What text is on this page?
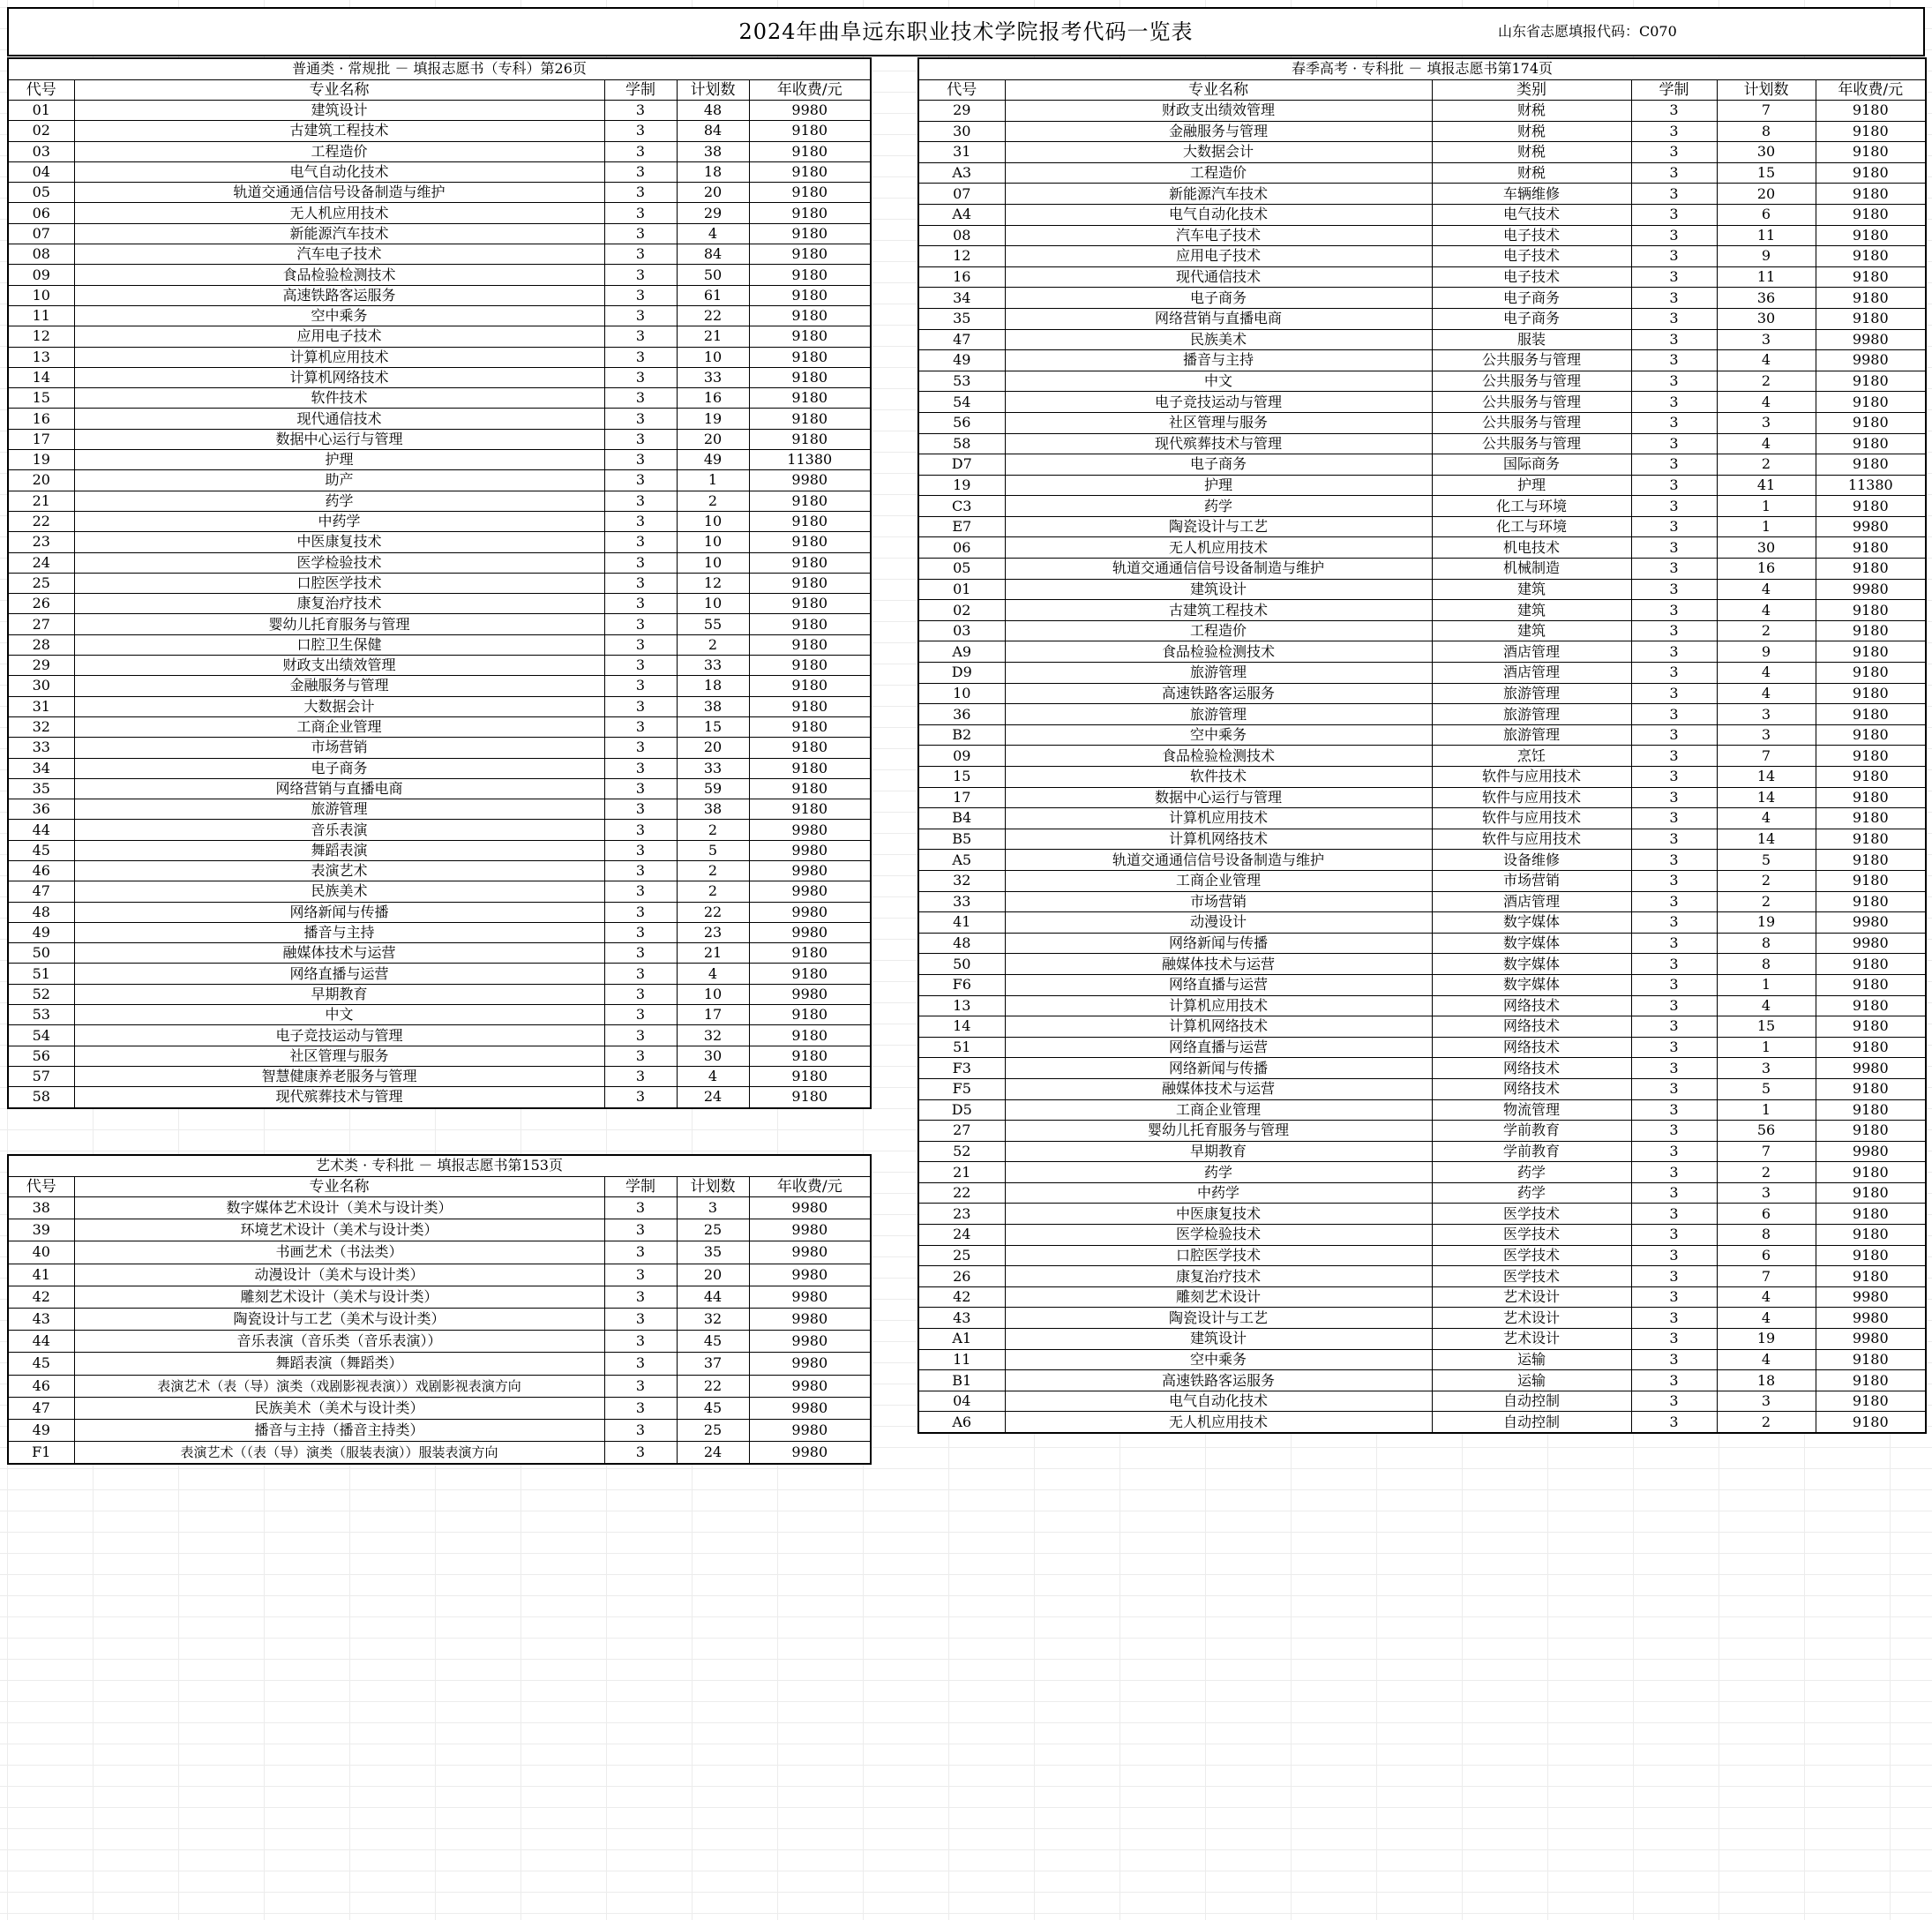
2024年曲阜远东职业技术学院报考代码一览表	山东省志愿填报代码：C070
普通类 · 常规批 － 填报志愿书（专科）第26页				
代号	专业名称	学制	计划数	年收费/元
01	建筑设计	3	48	9980
02	古建筑工程技术	3	84	9180
03	工程造价	3	38	9180
04	电气自动化技术	3	18	9180
05	轨道交通通信信号设备制造与维护	3	20	9180
06	无人机应用技术	3	29	9180
07	新能源汽车技术	3	4	9180
08	汽车电子技术	3	84	9180
09	食品检验检测技术	3	50	9180
10	高速铁路客运服务	3	61	9180
11	空中乘务	3	22	9180
12	应用电子技术	3	21	9180
13	计算机应用技术	3	10	9180
14	计算机网络技术	3	33	9180
15	软件技术	3	16	9180
16	现代通信技术	3	19	9180
17	数据中心运行与管理	3	20	9180
19	护理	3	49	11380
20	助产	3	1	9980
21	药学	3	2	9180
22	中药学	3	10	9180
23	中医康复技术	3	10	9180
24	医学检验技术	3	10	9180
25	口腔医学技术	3	12	9180
26	康复治疗技术	3	10	9180
27	婴幼儿托育服务与管理	3	55	9180
28	口腔卫生保健	3	2	9180
29	财政支出绩效管理	3	33	9180
30	金融服务与管理	3	18	9180
31	大数据会计	3	38	9180
32	工商企业管理	3	15	9180
33	市场营销	3	20	9180
34	电子商务	3	33	9180
35	网络营销与直播电商	3	59	9180
36	旅游管理	3	38	9180
44	音乐表演	3	2	9980
45	舞蹈表演	3	5	9980
46	表演艺术	3	2	9980
47	民族美术	3	2	9980
48	网络新闻与传播	3	22	9980
49	播音与主持	3	23	9980
50	融媒体技术与运营	3	21	9180
51	网络直播与运营	3	4	9180
52	早期教育	3	10	9980
53	中文	3	17	9180
54	电子竞技运动与管理	3	32	9180
56	社区管理与服务	3	30	9180
57	智慧健康养老服务与管理	3	4	9180
58	现代殡葬技术与管理	3	24	9180
艺术类 · 专科批 － 填报志愿书第153页				
代号	专业名称	学制	计划数	年收费/元
38	数字媒体艺术设计（美术与设计类）	3	3	9980
39	环境艺术设计（美术与设计类）	3	25	9980
40	书画艺术（书法类）	3	35	9980
41	动漫设计（美术与设计类）	3	20	9980
42	雕刻艺术设计（美术与设计类）	3	44	9980
43	陶瓷设计与工艺（美术与设计类）	3	32	9980
44	音乐表演（音乐类（音乐表演））	3	45	9980
45	舞蹈表演（舞蹈类）	3	37	9980
46	表演艺术（表（导）演类（戏剧影视表演））戏剧影视表演方向	3	22	9980
47	民族美术（美术与设计类）	3	45	9980
49	播音与主持（播音主持类）	3	25	9980
F1	表演艺术（（表（导）演类（服装表演））服装表演方向	3	24	9980
春季高考 · 专科批 － 填报志愿书第174页					
代号	专业名称	类别	学制	计划数	年收费/元
29	财政支出绩效管理	财税	3	7	9180
30	金融服务与管理	财税	3	8	9180
31	大数据会计	财税	3	30	9180
A3	工程造价	财税	3	15	9180
07	新能源汽车技术	车辆维修	3	20	9180
A4	电气自动化技术	电气技术	3	6	9180
08	汽车电子技术	电子技术	3	11	9180
12	应用电子技术	电子技术	3	9	9180
16	现代通信技术	电子技术	3	11	9180
34	电子商务	电子商务	3	36	9180
35	网络营销与直播电商	电子商务	3	30	9180
47	民族美术	服装	3	3	9980
49	播音与主持	公共服务与管理	3	4	9980
53	中文	公共服务与管理	3	2	9180
54	电子竞技运动与管理	公共服务与管理	3	4	9180
56	社区管理与服务	公共服务与管理	3	3	9180
58	现代殡葬技术与管理	公共服务与管理	3	4	9180
D7	电子商务	国际商务	3	2	9180
19	护理	护理	3	41	11380
C3	药学	化工与环境	3	1	9180
E7	陶瓷设计与工艺	化工与环境	3	1	9980
06	无人机应用技术	机电技术	3	30	9180
05	轨道交通通信信号设备制造与维护	机械制造	3	16	9180
01	建筑设计	建筑	3	4	9980
02	古建筑工程技术	建筑	3	4	9180
03	工程造价	建筑	3	2	9180
A9	食品检验检测技术	酒店管理	3	9	9180
D9	旅游管理	酒店管理	3	4	9180
10	高速铁路客运服务	旅游管理	3	4	9180
36	旅游管理	旅游管理	3	3	9180
B2	空中乘务	旅游管理	3	3	9180
09	食品检验检测技术	烹饪	3	7	9180
15	软件技术	软件与应用技术	3	14	9180
17	数据中心运行与管理	软件与应用技术	3	14	9180
B4	计算机应用技术	软件与应用技术	3	4	9180
B5	计算机网络技术	软件与应用技术	3	14	9180
A5	轨道交通通信信号设备制造与维护	设备维修	3	5	9180
32	工商企业管理	市场营销	3	2	9180
33	市场营销	酒店管理	3	2	9180
41	动漫设计	数字媒体	3	19	9980
48	网络新闻与传播	数字媒体	3	8	9980
50	融媒体技术与运营	数字媒体	3	8	9180
F6	网络直播与运营	数字媒体	3	1	9180
13	计算机应用技术	网络技术	3	4	9180
14	计算机网络技术	网络技术	3	15	9180
51	网络直播与运营	网络技术	3	1	9180
F3	网络新闻与传播	网络技术	3	3	9980
F5	融媒体技术与运营	网络技术	3	5	9180
D5	工商企业管理	物流管理	3	1	9180
27	婴幼儿托育服务与管理	学前教育	3	56	9180
52	早期教育	学前教育	3	7	9980
21	药学	药学	3	2	9180
22	中药学	药学	3	3	9180
23	中医康复技术	医学技术	3	6	9180
24	医学检验技术	医学技术	3	8	9180
25	口腔医学技术	医学技术	3	6	9180
26	康复治疗技术	医学技术	3	7	9180
42	雕刻艺术设计	艺术设计	3	4	9980
43	陶瓷设计与工艺	艺术设计	3	4	9980
A1	建筑设计	艺术设计	3	19	9980
11	空中乘务	运输	3	4	9180
B1	高速铁路客运服务	运输	3	18	9180
04	电气自动化技术	自动控制	3	3	9180
A6	无人机应用技术	自动控制	3	2	9180
